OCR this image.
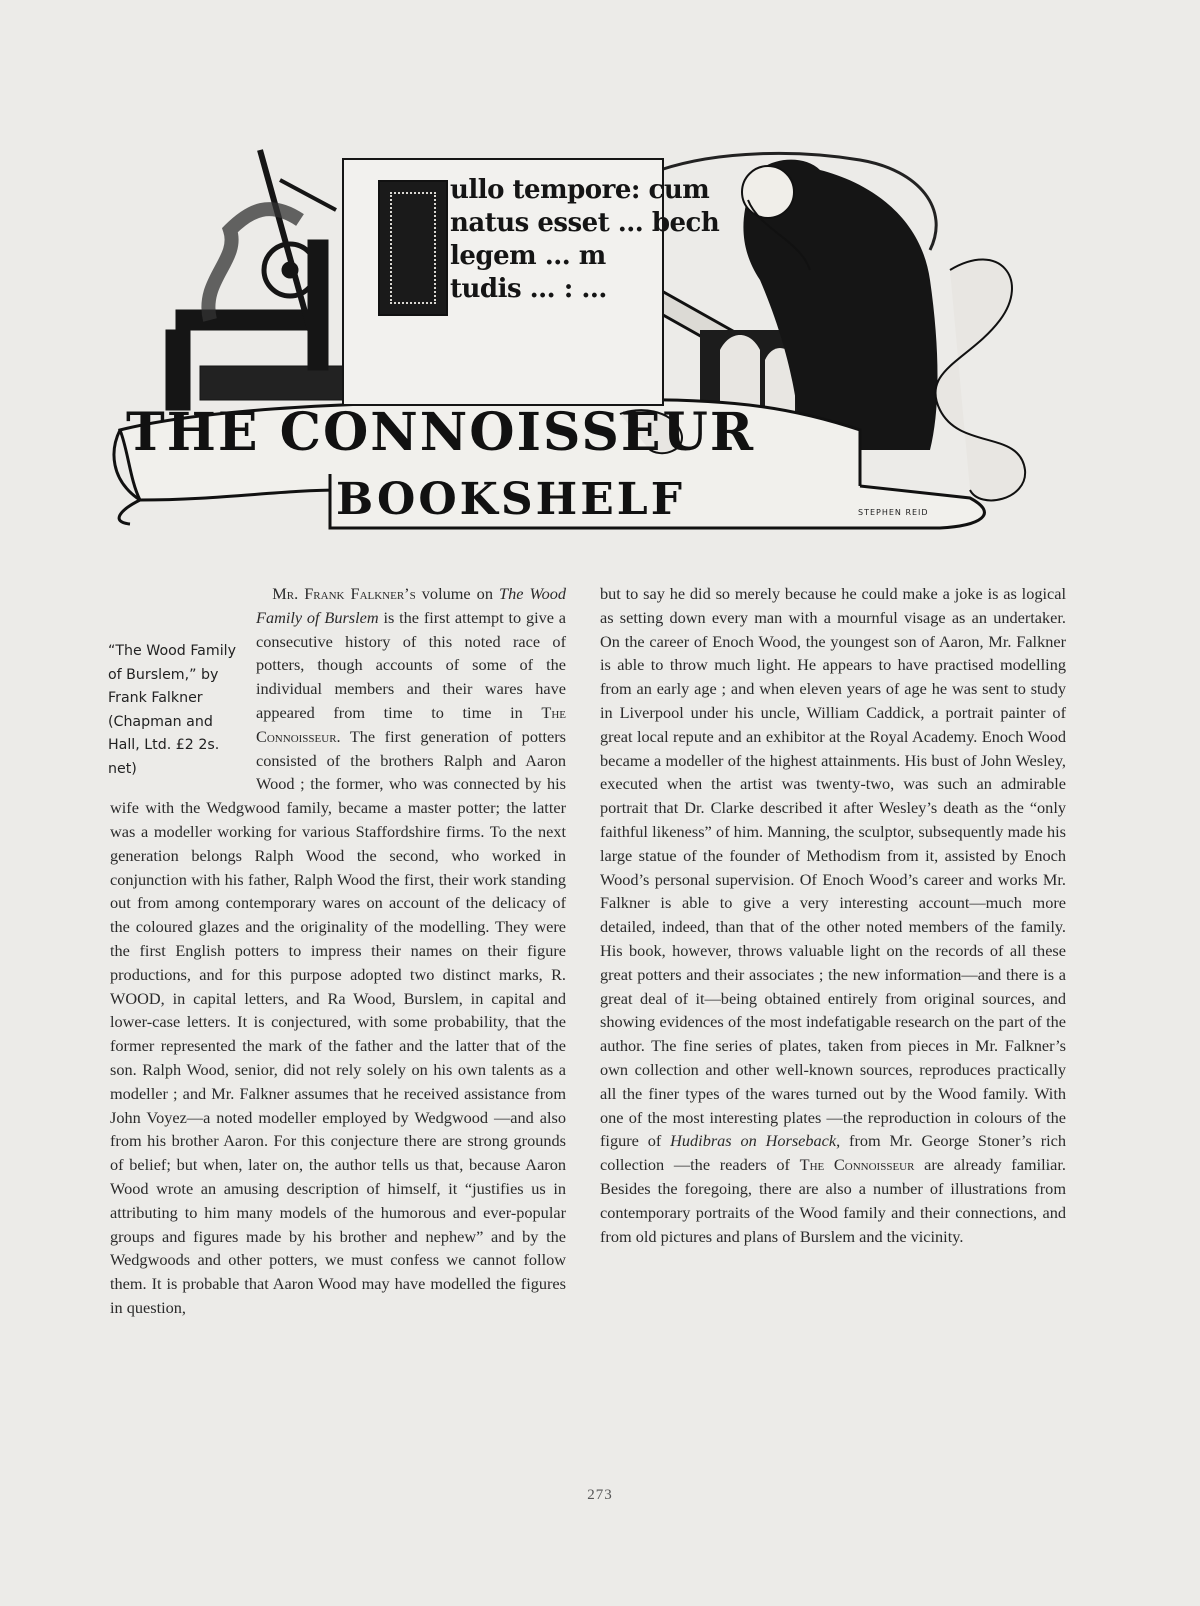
ullo tempore: cum
natus esset … bech
legem … m
tudis … : …
THE CONNOISSEUR
BOOKSHELF	STEPHEN REID

 Mr. Frank Falkner’s volume on The Wood Family of Burslem is the first attempt to give a consecutive history of this noted race of potters, though accounts of some of the individual members and their wares have appeared from time to time in The Connoisseur. The first generation of potters consisted of the brothers Ralph and Aaron Wood ; the former, who was connected by his wife with the Wedgwood family, became a master potter; the latter was a modeller working for various Staffordshire firms. To the next generation belongs Ralph Wood the second, who worked in conjunction with his father, Ralph Wood the first, their work standing out from among contemporary wares on account of the delicacy of the coloured glazes and the originality of the modelling. They were the first English potters to impress their names on their figure productions, and for this purpose adopted two distinct marks, R. WOOD, in capital letters, and Ra Wood, Burslem, in capital and lower-case letters. It is conjectured, with some probability, that the former represented the mark of the father and the latter that of the son. Ralph Wood, senior, did not rely solely on his own talents as a modeller ; and Mr. Falkner assumes that he received assistance from John Voyez—a noted modeller employed by Wedgwood —and also from his brother Aaron. For this conjecture there are strong grounds of belief; but when, later on, the author tells us that, because Aaron Wood wrote an amusing description of himself, it “justifies us in attributing to him many models of the humorous and ever-popular groups and figures made by his brother and nephew” and by the Wedgwoods and other potters, we must confess we cannot follow them. It is probable that Aaron Wood may have modelled the figures in question,

“The Wood Family of Burslem,” by Frank Falkner (Chapman and Hall, Ltd. £2 2s. net)

but to say he did so merely because he could make a joke is as logical as setting down every man with a mournful visage as an undertaker. On the career of Enoch Wood, the youngest son of Aaron, Mr. Falkner is able to throw much light. He appears to have practised modelling from an early age ; and when eleven years of age he was sent to study in Liverpool under his uncle, William Caddick, a portrait painter of great local repute and an exhibitor at the Royal Academy. Enoch Wood became a modeller of the highest attainments. His bust of John Wesley, executed when the artist was twenty-two, was such an admirable portrait that Dr. Clarke described it after Wesley’s death as the “only faithful likeness” of him. Manning, the sculptor, subsequently made his large statue of the founder of Methodism from it, assisted by Enoch Wood’s personal supervision. Of Enoch Wood’s career and works Mr. Falkner is able to give a very interesting account—much more detailed, indeed, than that of the other noted members of the family. His book, however, throws valuable light on the records of all these great potters and their associates ; the new information—and there is a great deal of it—being obtained entirely from original sources, and showing evidences of the most indefatigable research on the part of the author. The fine series of plates, taken from pieces in Mr. Falkner’s own collection and other well-known sources, reproduces practically all the finer types of the wares turned out by the Wood family. With one of the most interesting plates —the reproduction in colours of the figure of Hudibras on Horseback, from Mr. George Stoner’s rich collection —the readers of The Connoisseur are already familiar. Besides the foregoing, there are also a number of illustrations from contemporary portraits of the Wood family and their connections, and from old pictures and plans of Burslem and the vicinity.

273
